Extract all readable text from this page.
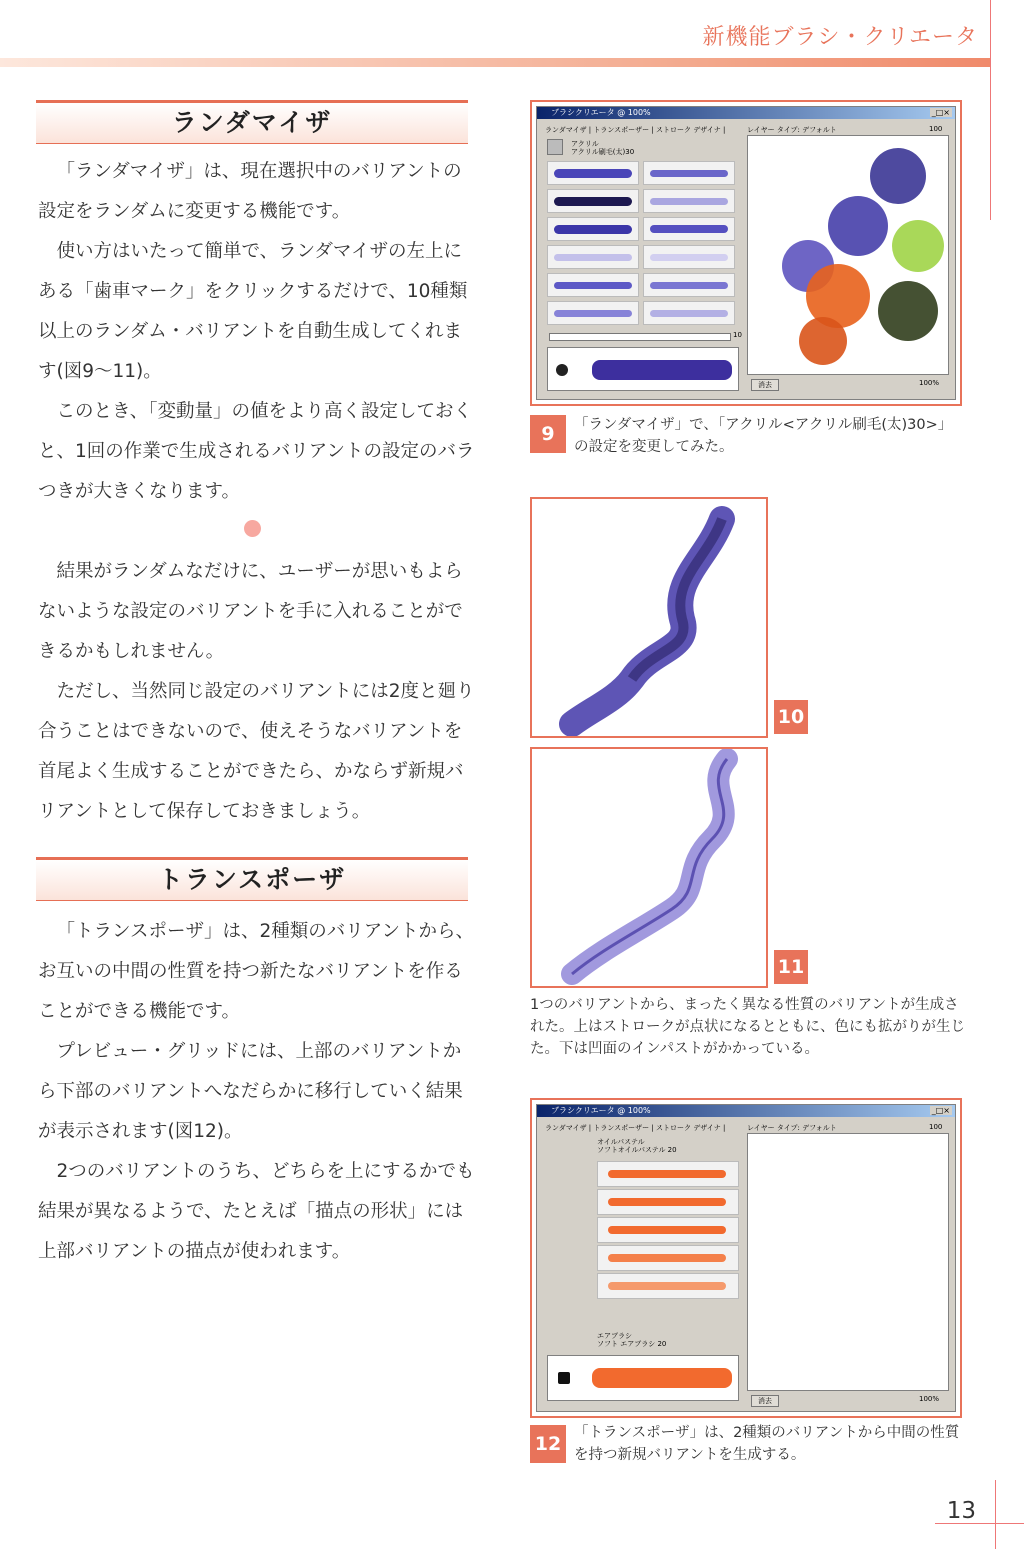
新機能ブラシ・クリエータ
ランダマイザ

「ランダマイザ」は、現在選択中のバリアントの設定をランダムに変更する機能です。

使い方はいたって簡単で、ランダマイザの左上にある「歯車マーク」をクリックするだけで、10種類以上のランダム・バリアントを自動生成してくれます(図9〜11)。

このとき、「変動量」の値をより高く設定しておくと、1回の作業で生成されるバリアントの設定のバラつきが大きくなります。

結果がランダムなだけに、ユーザーが思いもよらないような設定のバリアントを手に入れることができるかもしれません。

ただし、当然同じ設定のバリアントには2度と廻り合うことはできないので、使えそうなバリアントを首尾よく生成することができたら、かならず新規バリアントとして保存しておきましょう。

トランスポーザ

「トランスポーザ」は、2種類のバリアントから、お互いの中間の性質を持つ新たなバリアントを作ることができる機能です。

プレビュー・グリッドには、上部のバリアントから下部のバリアントへなだらかに移行していく結果が表示されます(図12)。

2つのバリアントのうち、どちらを上にするかでも結果が異なるようで、たとえば「描点の形状」には上部バリアントの描点が使われます。

ブラシクリエータ @ 100%	_□×
ランダマイザ | トランスポーザー | ストローク デザイナ |	レイヤー タイプ: デフォルト
アクリル
アクリル刷毛(太)30
10
消去	100%
100
9	「ランダマイザ」で、「アクリル<アクリル刷毛(太)30>」の設定を変更してみた。
10
11
1つのバリアントから、まったく異なる性質のバリアントが生成された。上はストロークが点状になるとともに、色にも拡がりが生じた。下は凹面のインパストがかかっている。
ブラシクリエータ @ 100%	_□×
ランダマイザ | トランスポーザー | ストローク デザイナ |	レイヤー タイプ: デフォルト
オイルパステル
ソフトオイルパステル 20
エアブラシ
ソフト エアブラシ 20
消去	100%
100
12 「トランスポーザ」は、2種類のバリアントから中間の性質を持つ新規バリアントを生成する。
13
